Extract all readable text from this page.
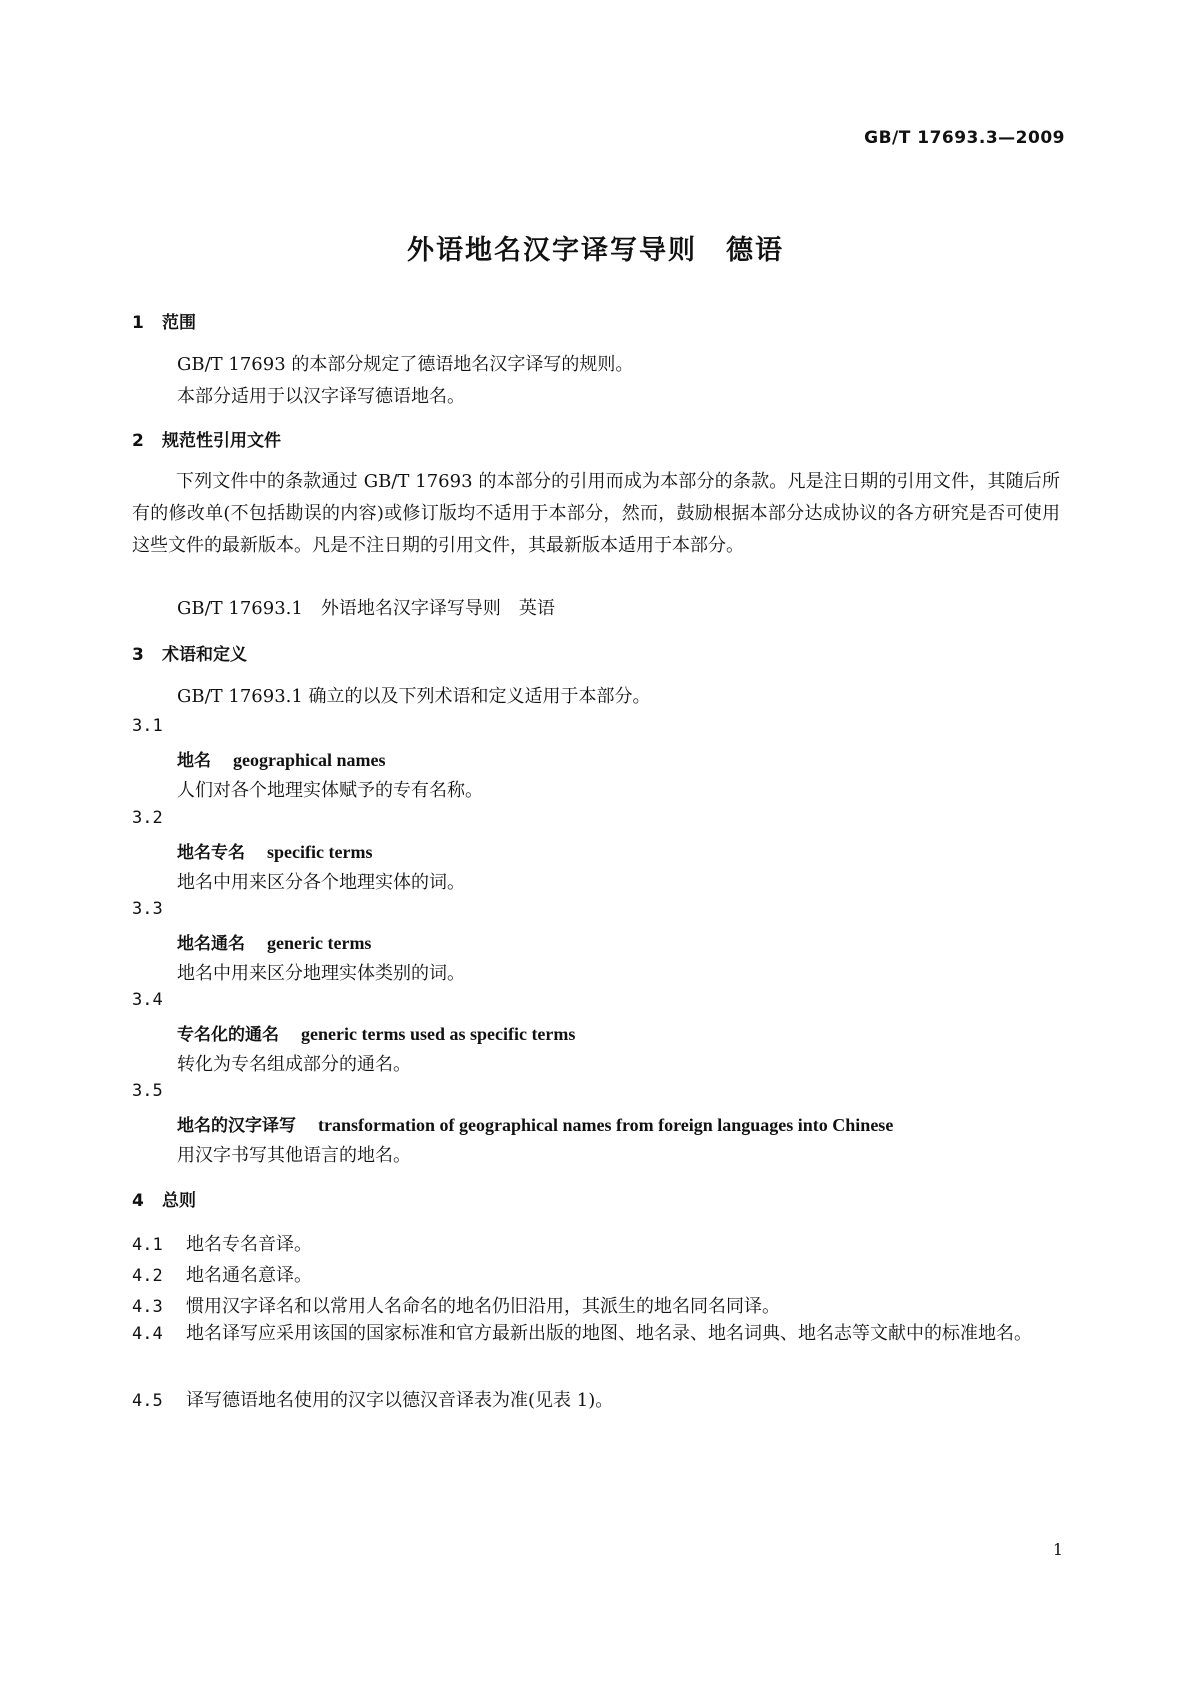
GB/T 17693.3—2009
外语地名汉字译写导则　德语
1 范围
GB/T 17693 的本部分规定了德语地名汉字译写的规则。
本部分适用于以汉字译写德语地名。
2 规范性引用文件
下列文件中的条款通过 GB/T 17693 的本部分的引用而成为本部分的条款。凡是注日期的引用文件，其随后所有的修改单(不包括勘误的内容)或修订版均不适用于本部分，然而，鼓励根据本部分达成协议的各方研究是否可使用这些文件的最新版本。凡是不注日期的引用文件，其最新版本适用于本部分。
GB/T 17693.1　外语地名汉字译写导则　英语
3 术语和定义
GB/T 17693.1 确立的以及下列术语和定义适用于本部分。
3.1
地名 geographical names
人们对各个地理实体赋予的专有名称。
3.2
地名专名 specific terms
地名中用来区分各个地理实体的词。
3.3
地名通名 generic terms
地名中用来区分地理实体类别的词。
3.4
专名化的通名 generic terms used as specific terms
转化为专名组成部分的通名。
3.5
地名的汉字译写 transformation of geographical names from foreign languages into Chinese
用汉字书写其他语言的地名。
4 总则
4.1 地名专名音译。
4.2 地名通名意译。
4.3 惯用汉字译名和以常用人名命名的地名仍旧沿用，其派生的地名同名同译。
4.4 地名译写应采用该国的国家标准和官方最新出版的地图、地名录、地名词典、地名志等文献中的标准地名。
4.5 译写德语地名使用的汉字以德汉音译表为准(见表 1)。
1
